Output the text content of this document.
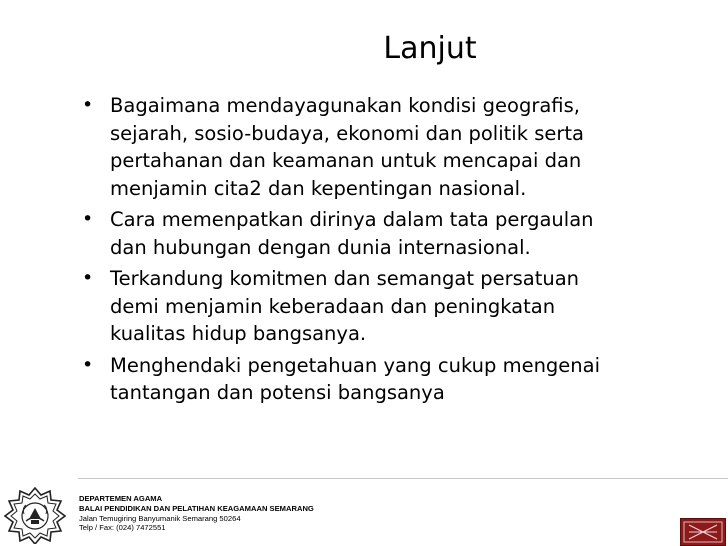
Lanjut
• Bagaimana mendayagunakan kondisi geografis,
sejarah, sosio-budaya, ekonomi dan politik serta
pertahanan dan keamanan untuk mencapai dan
menjamin cita2 dan kepentingan nasional.
• Cara memenpatkan dirinya dalam tata pergaulan
dan hubungan dengan dunia internasional.
• Terkandung komitmen dan semangat persatuan
demi menjamin keberadaan dan peningkatan
kualitas hidup bangsanya.
• Menghendaki pengetahuan yang cukup mengenai
tantangan dan potensi bangsanya
DEPARTEMEN AGAMA
BALAI PENDIDIKAN DAN PELATIHAN KEAGAMAAN SEMARANG
Jalan Temugiring Banyumanik Semarang 50264
Telp / Fax: (024) 7472551
